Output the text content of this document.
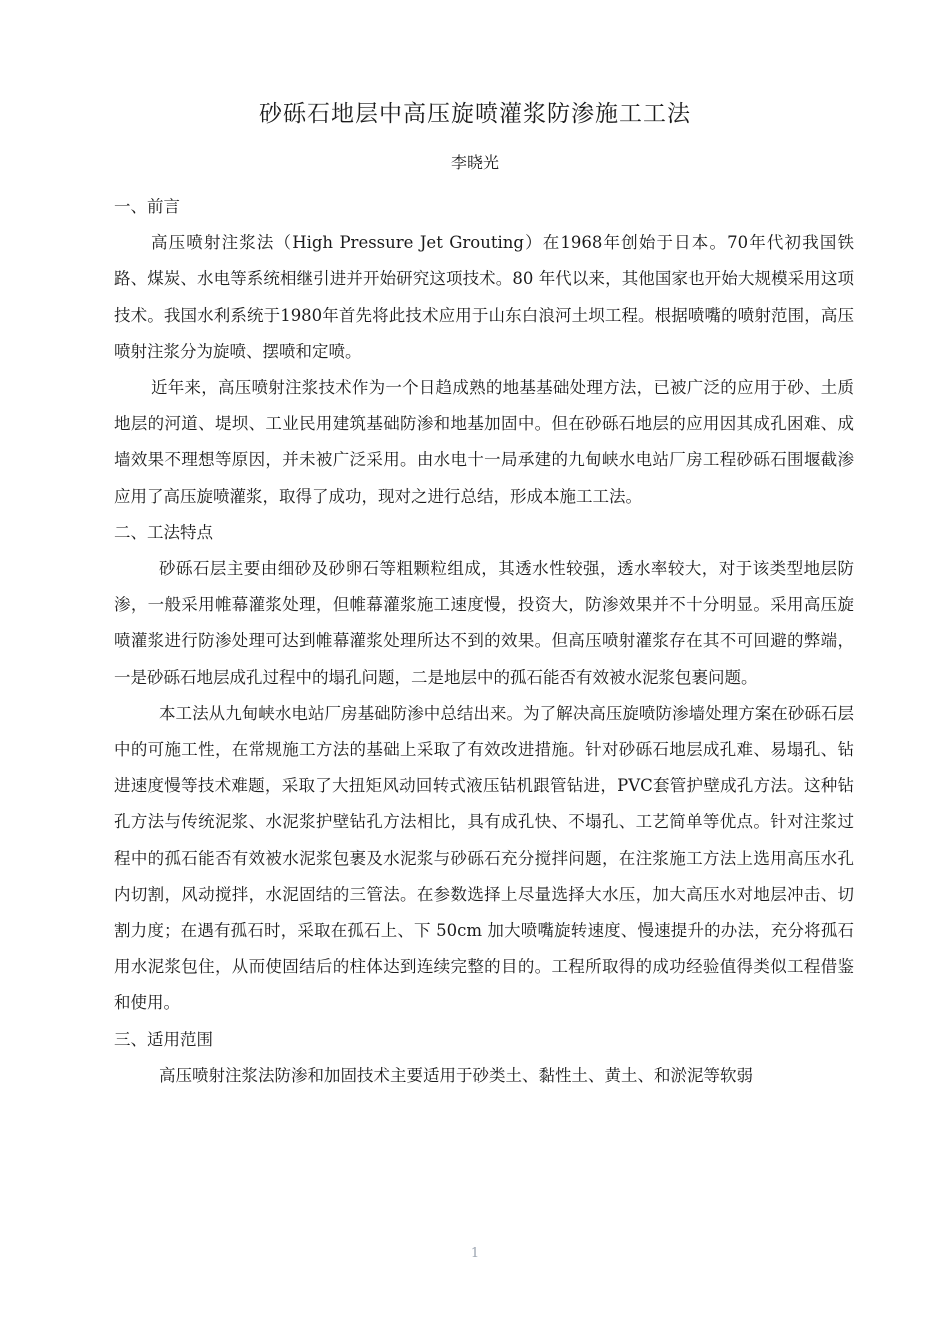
砂砾石地层中高压旋喷灌浆防渗施工工法
李晓光
一、前言

高压喷射注浆法（High Pressure Jet Grouting）在1968年创始于日本。70年代初我国铁路、煤炭、水电等系统相继引进并开始研究这项技术。80 年代以来，其他国家也开始大规模采用这项技术。我国水利系统于1980年首先将此技术应用于山东白浪河土坝工程。根据喷嘴的喷射范围，高压喷射注浆分为旋喷、摆喷和定喷。

近年来，高压喷射注浆技术作为一个日趋成熟的地基基础处理方法，已被广泛的应用于砂、土质地层的河道、堤坝、工业民用建筑基础防渗和地基加固中。但在砂砾石地层的应用因其成孔困难、成墙效果不理想等原因，并未被广泛采用。由水电十一局承建的九甸峡水电站厂房工程砂砾石围堰截渗应用了高压旋喷灌浆，取得了成功，现对之进行总结，形成本施工工法。

二、工法特点

砂砾石层主要由细砂及砂卵石等粗颗粒组成，其透水性较强，透水率较大，对于该类型地层防渗，一般采用帷幕灌浆处理，但帷幕灌浆施工速度慢，投资大，防渗效果并不十分明显。采用高压旋喷灌浆进行防渗处理可达到帷幕灌浆处理所达不到的效果。但高压喷射灌浆存在其不可回避的弊端，一是砂砾石地层成孔过程中的塌孔问题，二是地层中的孤石能否有效被水泥浆包裹问题。

本工法从九甸峡水电站厂房基础防渗中总结出来。为了解决高压旋喷防渗墙处理方案在砂砾石层中的可施工性，在常规施工方法的基础上采取了有效改进措施。针对砂砾石地层成孔难、易塌孔、钻进速度慢等技术难题，采取了大扭矩风动回转式液压钻机跟管钻进，PVC套管护壁成孔方法。这种钻孔方法与传统泥浆、水泥浆护壁钻孔方法相比，具有成孔快、不塌孔、工艺简单等优点。针对注浆过程中的孤石能否有效被水泥浆包裹及水泥浆与砂砾石充分搅拌问题，在注浆施工方法上选用高压水孔内切割，风动搅拌，水泥固结的三管法。在参数选择上尽量选择大水压，加大高压水对地层冲击、切割力度；在遇有孤石时，采取在孤石上、下 50cm 加大喷嘴旋转速度、慢速提升的办法，充分将孤石用水泥浆包住，从而使固结后的柱体达到连续完整的目的。工程所取得的成功经验值得类似工程借鉴和使用。

三、适用范围

高压喷射注浆法防渗和加固技术主要适用于砂类土、黏性土、黄土、和淤泥等软弱

1
